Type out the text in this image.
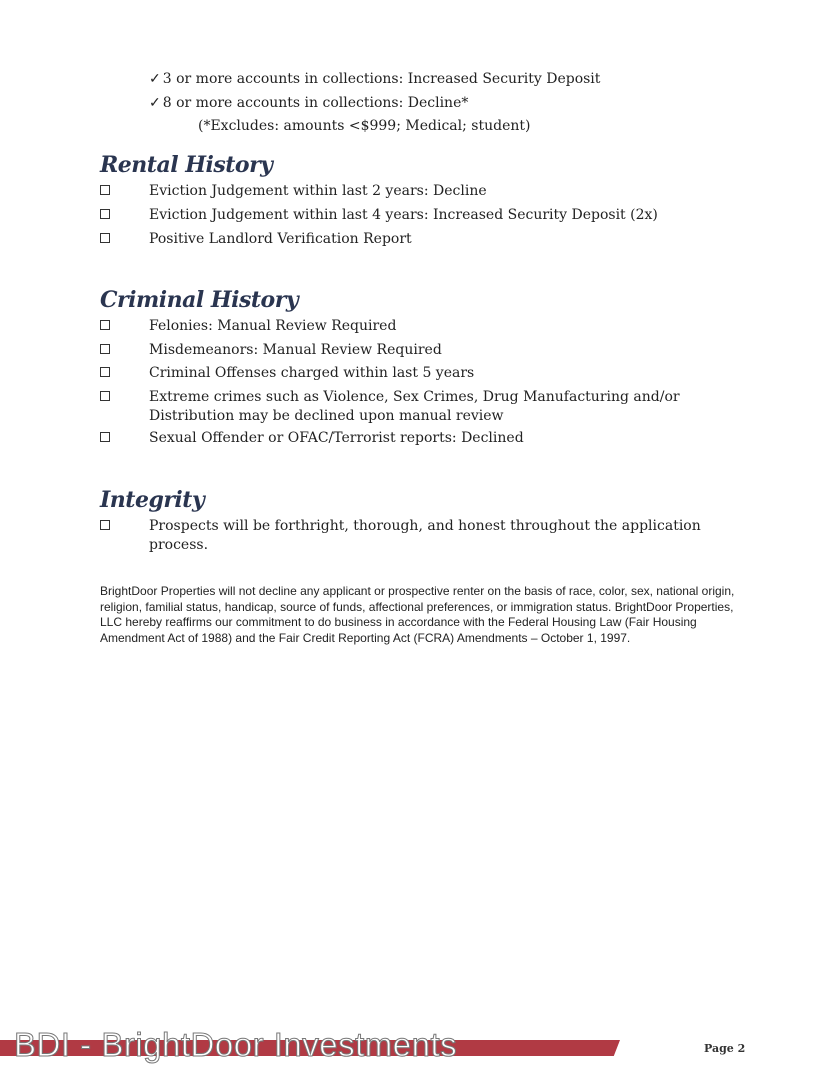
✓ 3 or more accounts in collections: Increased Security Deposit
✓ 8 or more accounts in collections: Decline*
(*Excludes: amounts <$999; Medical; student)
Rental History
Eviction Judgement within last 2 years: Decline
Eviction Judgement within last 4 years: Increased Security Deposit (2x)
Positive Landlord Verification Report
Criminal History
Felonies: Manual Review Required
Misdemeanors: Manual Review Required
Criminal Offenses charged within last 5 years
Extreme crimes such as Violence, Sex Crimes, Drug Manufacturing and/or Distribution may be declined upon manual review
Sexual Offender or OFAC/Terrorist reports: Declined
Integrity
Prospects will be forthright, thorough, and honest throughout the application process.
BrightDoor Properties will not decline any applicant or prospective renter on the basis of race, color, sex, national origin, religion, familial status, handicap, source of funds, affectional preferences, or immigration status. BrightDoor Properties, LLC hereby reaffirms our commitment to do business in accordance with the Federal Housing Law (Fair Housing Amendment Act of 1988) and the Fair Credit Reporting Act (FCRA) Amendments – October 1, 1997.
BDI - BrightDoor Investments	Page 2
